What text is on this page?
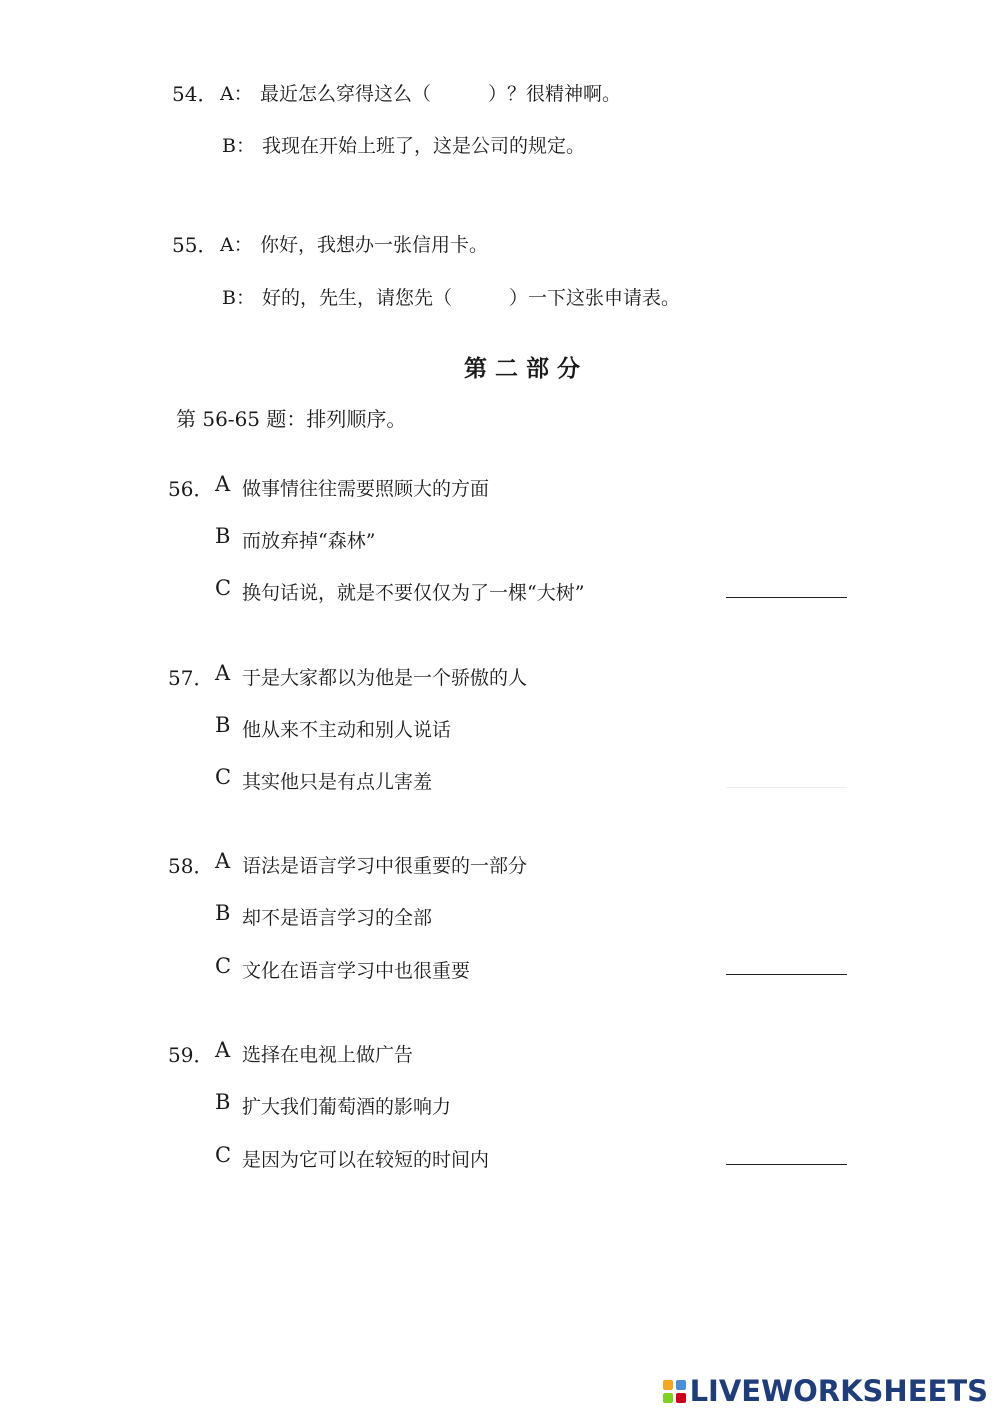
54． A： 最近怎么穿得这么（　　　）？很精神啊。
B： 我现在开始上班了，这是公司的规定。
55． A： 你好，我想办一张信用卡。
B： 好的，先生，请您先（　　　）一下这张申请表。
第二部分
第 56-65 题：排列顺序。
56． A 做事情往往需要照顾大的方面
B 而放弃掉“森林”
C 换句话说，就是不要仅仅为了一棵“大树”
57． A 于是大家都以为他是一个骄傲的人
B 他从来不主动和别人说话
C 其实他只是有点儿害羞
58． A 语法是语言学习中很重要的一部分
B 却不是语言学习的全部
C 文化在语言学习中也很重要
59． A 选择在电视上做广告
B 扩大我们葡萄酒的影响力
C 是因为它可以在较短的时间内
LIVEWORKSHEETS
